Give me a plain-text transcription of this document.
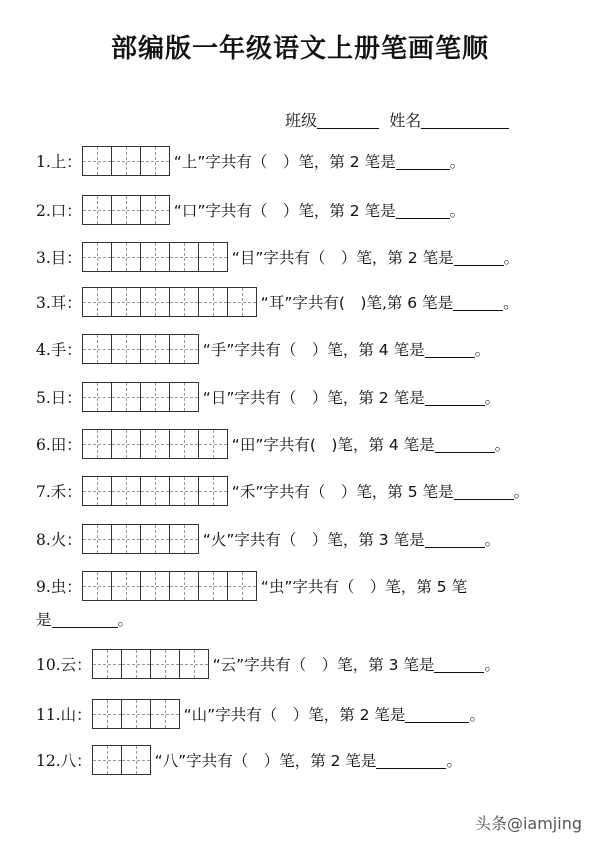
部编版一年级语文上册笔画笔顺
班级	姓名
1.上：	“上”字共有（　）笔，第 2 笔是	。
2.口：	“口”字共有（　）笔，第 2 笔是	。
3.目：	“目”字共有（　）笔，第 2 笔是	。
3.耳：	“耳”字共有(　)笔,第 6 笔是	。
4.手：	“手”字共有（　）笔，第 4 笔是	。
5.日：	“日”字共有（　）笔，第 2 笔是	。
6.田：	“田”字共有(　)笔，第 4 笔是	。
7.禾：	“禾”字共有（　）笔，第 5 笔是	。
8.火：	“火”字共有（　）笔，第 3 笔是	。
9.虫：	“虫”字共有（　）笔，第 5 笔
是	。
10.云：	“云”字共有（　）笔，第 3 笔是	。
11.山：	“山”字共有（　）笔，第 2 笔是	。
12.八：	“八”字共有（　）笔，第 2 笔是	。
头条@iamjing
